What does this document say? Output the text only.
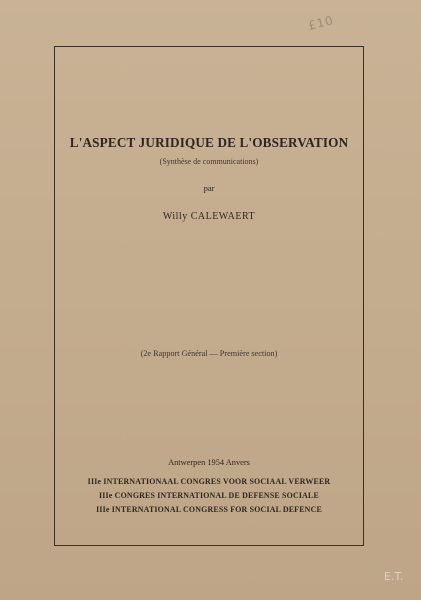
£10
L'ASPECT JURIDIQUE DE L'OBSERVATION
(Synthèse de communications)
par
Willy CALEWAERT
(2e Rapport Général — Première section)
Antwerpen 1954 Anvers
IIIe INTERNATIONAAL CONGRES VOOR SOCIAAL VERWEER
IIIe CONGRES INTERNATIONAL DE DEFENSE SOCIALE
IIIe INTERNATIONAL CONGRESS FOR SOCIAL DEFENCE
E.T.
